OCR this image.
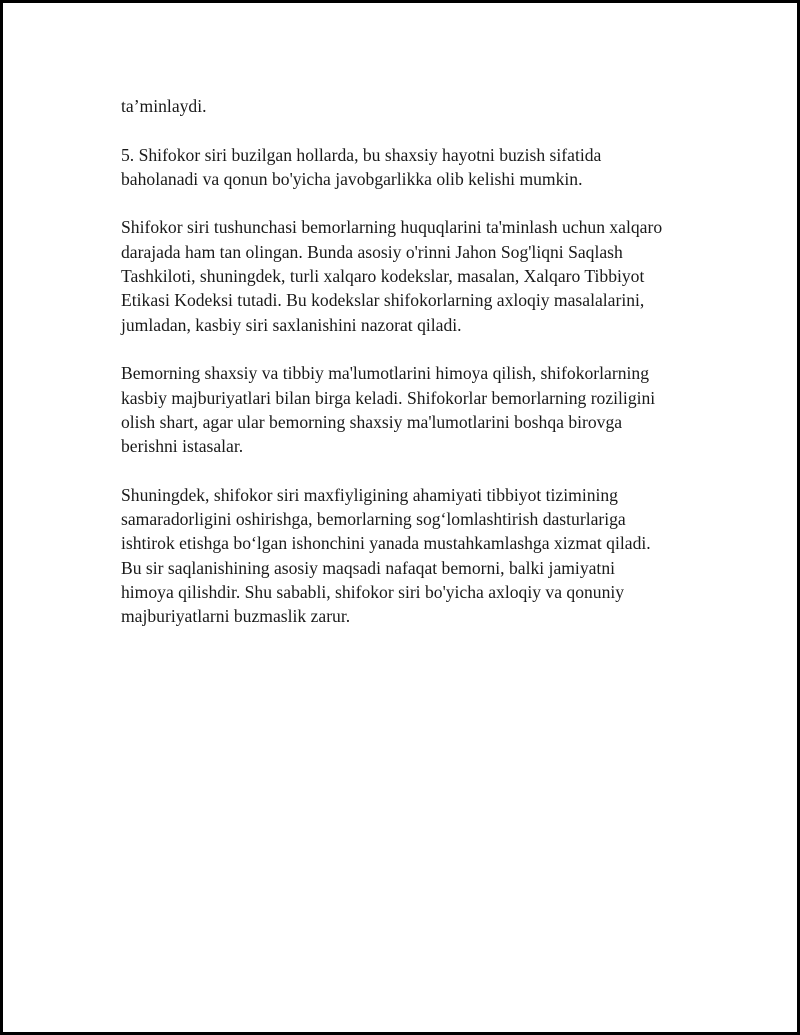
ta’minlaydi.

5. Shifokor siri buzilgan hollarda, bu shaxsiy hayotni buzish sifatida
baholanadi va qonun bo'yicha javobgarlikka olib kelishi mumkin.

Shifokor siri tushunchasi bemorlarning huquqlarini ta'minlash uchun xalqaro
darajada ham tan olingan. Bunda asosiy o'rinni Jahon Sog'liqni Saqlash
Tashkiloti, shuningdek, turli xalqaro kodekslar, masalan, Xalqaro Tibbiyot
Etikasi Kodeksi tutadi. Bu kodekslar shifokorlarning axloqiy masalalarini,
jumladan, kasbiy siri saxlanishini nazorat qiladi.

Bemorning shaxsiy va tibbiy ma'lumotlarini himoya qilish, shifokorlarning
kasbiy majburiyatlari bilan birga keladi. Shifokorlar bemorlarning roziligini
olish shart, agar ular bemorning shaxsiy ma'lumotlarini boshqa birovga
berishni istasalar.

Shuningdek, shifokor siri maxfiyligining ahamiyati tibbiyot tizimining
samaradorligini oshirishga, bemorlarning sog‘lomlashtirish dasturlariga
ishtirok etishga bo‘lgan ishonchini yanada mustahkamlashga xizmat qiladi.
Bu sir saqlanishining asosiy maqsadi nafaqat bemorni, balki jamiyatni
himoya qilishdir. Shu sababli, shifokor siri bo'yicha axloqiy va qonuniy
majburiyatlarni buzmaslik zarur.
